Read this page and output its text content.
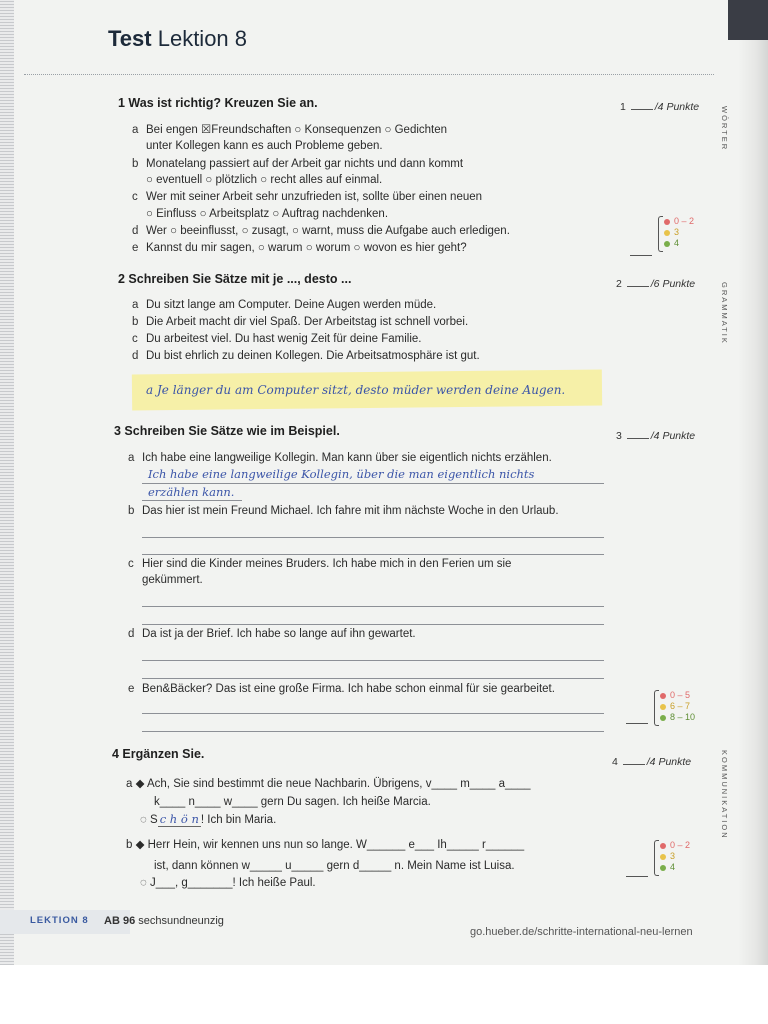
Test Lektion 8
WÖRTER
GRAMMATIK
KOMMUNIKATION
1 Was ist richtig? Kreuzen Sie an.	1	/4 Punkte
a Bei engen ☒Freundschaften ○ Konsequenzen ○ Gedichten
unter Kollegen kann es auch Probleme geben.
b Monatelang passiert auf der Arbeit gar nichts und dann kommt
○ eventuell ○ plötzlich ○ recht alles auf einmal.
c Wer mit seiner Arbeit sehr unzufrieden ist, sollte über einen neuen
○ Einfluss ○ Arbeitsplatz ○ Auftrag nachdenken.
d Wer ○ beeinflusst, ○ zusagt, ○ warnt, muss die Aufgabe auch erledigen.
e Kannst du mir sagen, ○ warum ○ worum ○ wovon es hier geht?
0 – 2
3
4
2 Schreiben Sie Sätze mit je ..., desto ...	2	/6 Punkte
a Du sitzt lange am Computer. Deine Augen werden müde.
b Die Arbeit macht dir viel Spaß. Der Arbeitstag ist schnell vorbei.
c Du arbeitest viel. Du hast wenig Zeit für deine Familie.
d Du bist ehrlich zu deinen Kollegen. Die Arbeitsatmosphäre ist gut.
a Je länger du am Computer sitzt, desto müder werden deine Augen.
3 Schreiben Sie Sätze wie im Beispiel.	3	/4 Punkte
a Ich habe eine langweilige Kollegin. Man kann über sie eigentlich nichts erzählen.
Ich habe eine langweilige Kollegin, über die man eigentlich nichts
erzählen kann.
b Das hier ist mein Freund Michael. Ich fahre mit ihm nächste Woche in den Urlaub.
c Hier sind die Kinder meines Bruders. Ich habe mich in den Ferien um sie
gekümmert.
d Da ist ja der Brief. Ich habe so lange auf ihn gewartet.
e Ben&Bäcker? Das ist eine große Firma. Ich habe schon einmal für sie gearbeitet.	0 – 5
6 – 7
8 – 10
4 Ergänzen Sie.
4	/4 Punkte
a ◆ Ach, Sie sind bestimmt die neue Nachbarin. Übrigens, v____ m____ a____
k____ n____ w____ gern Du sagen. Ich heiße Marcia.
◌ S c h ö n ! Ich bin Maria.
b ◆ Herr Hein, wir kennen uns nun so lange. W______ e___ Ih_____ r______
ist, dann können w_____ u_____ gern d_____ n. Mein Name ist Luisa.
◌ J___, g_______! Ich heiße Paul.
0 – 2
3
4
LEKTION 8 AB 96 sechsundneunzig
go.hueber.de/schritte-international-neu-lernen
